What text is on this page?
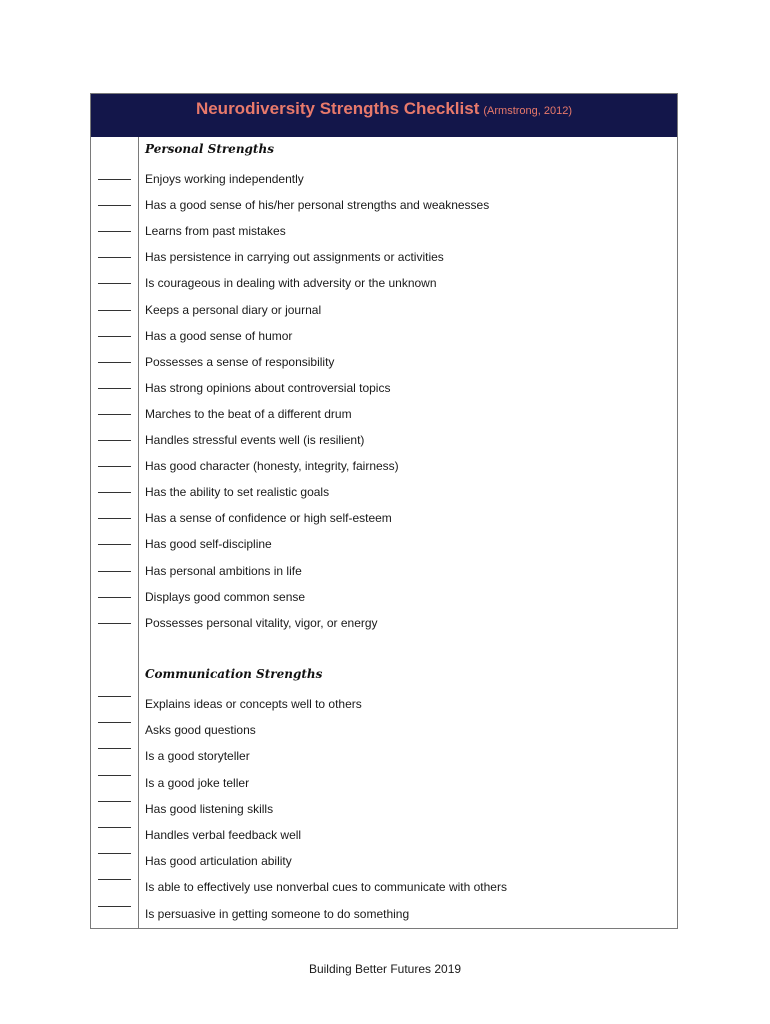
Neurodiversity Strengths Checklist (Armstrong, 2012)
Personal Strengths
Enjoys working independently
Has a good sense of his/her personal strengths and weaknesses
Learns from past mistakes
Has persistence in carrying out assignments or activities
Is courageous in dealing with adversity or the unknown
Keeps a personal diary or journal
Has a good sense of humor
Possesses a sense of responsibility
Has strong opinions about controversial topics
Marches to the beat of a different drum
Handles stressful events well (is resilient)
Has good character (honesty, integrity, fairness)
Has the ability to set realistic goals
Has a sense of confidence or high self-esteem
Has good self-discipline
Has personal ambitions in life
Displays good common sense
Possesses personal vitality, vigor, or energy
Communication Strengths
Explains ideas or concepts well to others
Asks good questions
Is a good storyteller
Is a good joke teller
Has good listening skills
Handles verbal feedback well
Has good articulation ability
Is able to effectively use nonverbal cues to communicate with others
Is persuasive in getting someone to do something
Building Better Futures 2019
